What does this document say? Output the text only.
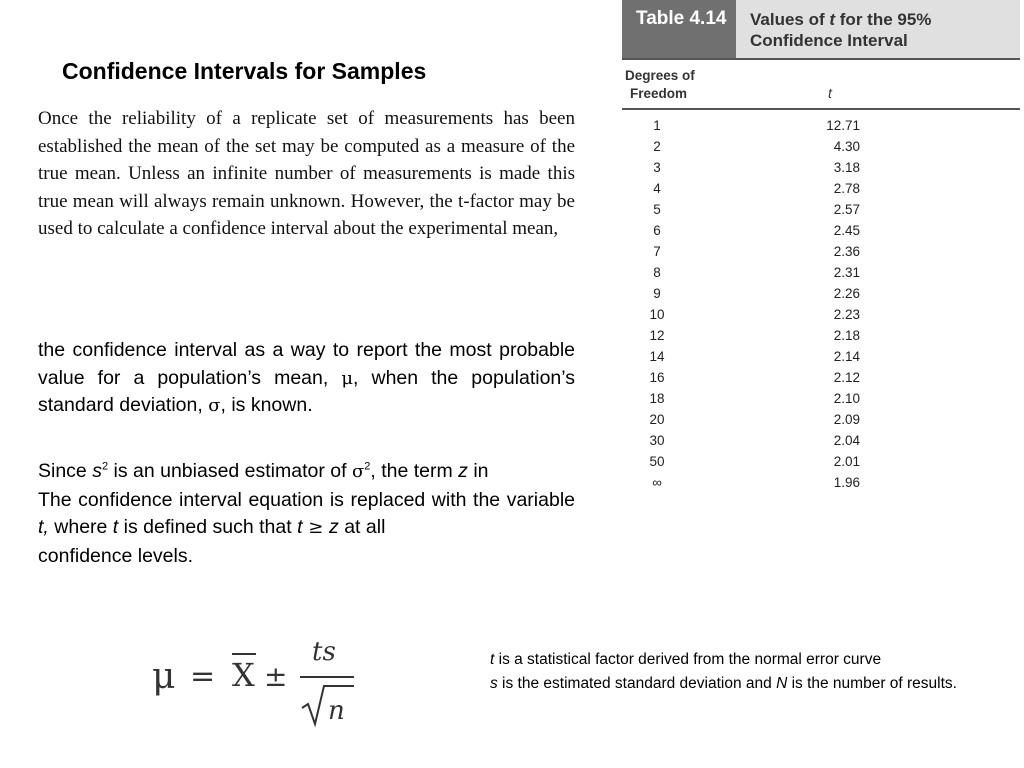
Confidence Intervals for Samples
Once the reliability of a replicate set of measurements has been established the mean of the set may be computed as a measure of the true mean. Unless an infinite number of measurements is made this true mean will always remain unknown. However, the t-factor may be used to calculate a confidence interval about the experimental mean,
the confidence interval as a way to report the most probable value for a population’s mean, μ, when the population’s standard deviation, σ, is known.
Since $s^2$ is an unbiased estimator of $\sigma^2$, the term z in
The confidence interval equation is replaced with the variable t, where t is defined such that t ≥ z at all
confidence levels.
μ = X ±
ts
n
t is a statistical factor derived from the normal error curve
s is the estimated standard deviation and N is the number of results.
Table 4.14	Values of t for the 95%
Confidence Interval
Degrees of
Freedom	t
1	12.71
2	4.30
3	3.18
4	2.78
5	2.57
6	2.45
7	2.36
8	2.31
9	2.26
10	2.23
12	2.18
14	2.14
16	2.12
18	2.10
20	2.09
30	2.04
50	2.01
∞	1.96
